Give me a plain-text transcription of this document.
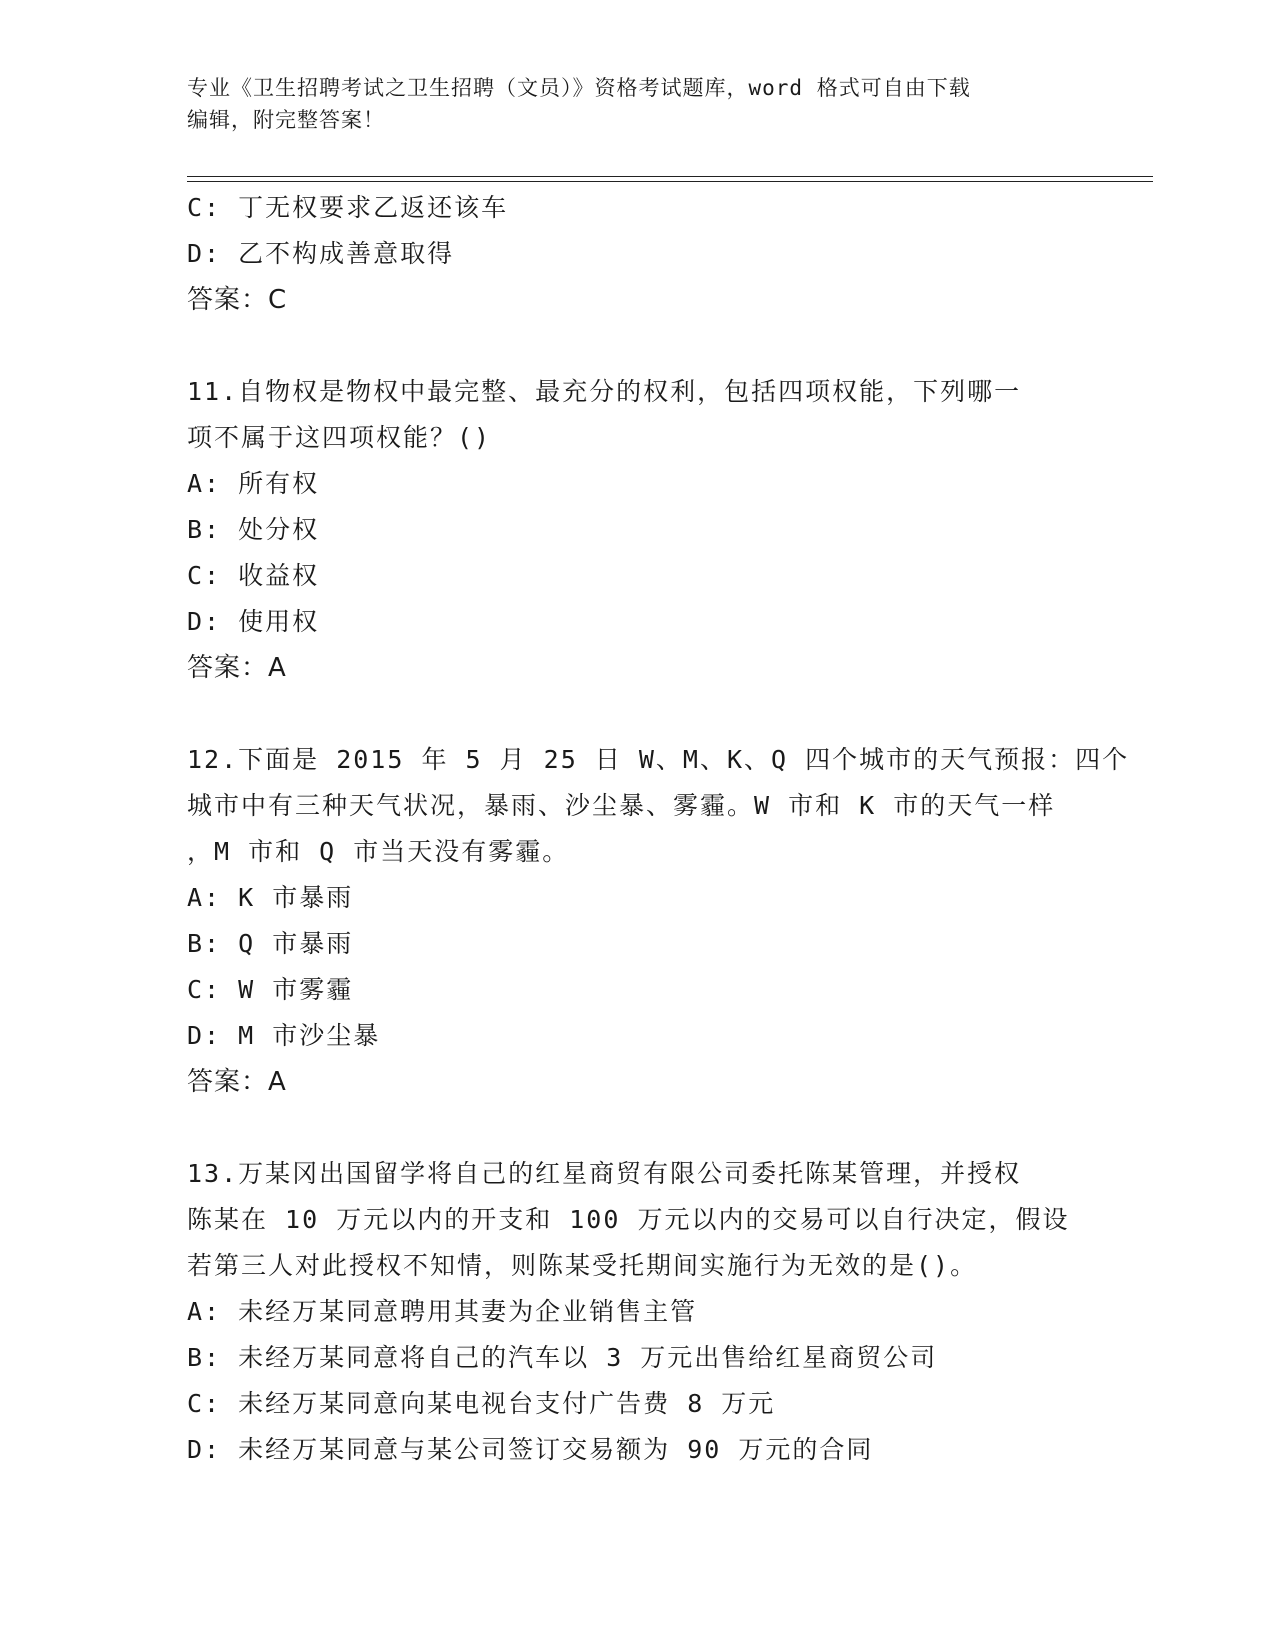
专业《卫生招聘考试之卫生招聘（文员）》资格考试题库，word 格式可自由下载
编辑，附完整答案！
C: 丁无权要求乙返还该车
D: 乙不构成善意取得
答案：C
11.自物权是物权中最完整、最充分的权利，包括四项权能，下列哪一
项不属于这四项权能？()
A: 所有权
B: 处分权
C: 收益权
D: 使用权
答案：A
12.下面是 2015 年 5 月 25 日 W、M、K、Q 四个城市的天气预报：四个
城市中有三种天气状况，暴雨、沙尘暴、雾霾。W 市和 K 市的天气一样
，M 市和 Q 市当天没有雾霾。
A: K 市暴雨
B: Q 市暴雨
C: W 市雾霾
D: M 市沙尘暴
答案：A
13.万某冈出国留学将自己的红星商贸有限公司委托陈某管理，并授权
陈某在 10 万元以内的开支和 100 万元以内的交易可以自行决定，假设
若第三人对此授权不知情，则陈某受托期间实施行为无效的是()。
A: 未经万某同意聘用其妻为企业销售主管
B: 未经万某同意将自己的汽车以 3 万元出售给红星商贸公司
C: 未经万某同意向某电视台支付广告费 8 万元
D: 未经万某同意与某公司签订交易额为 90 万元的合同
